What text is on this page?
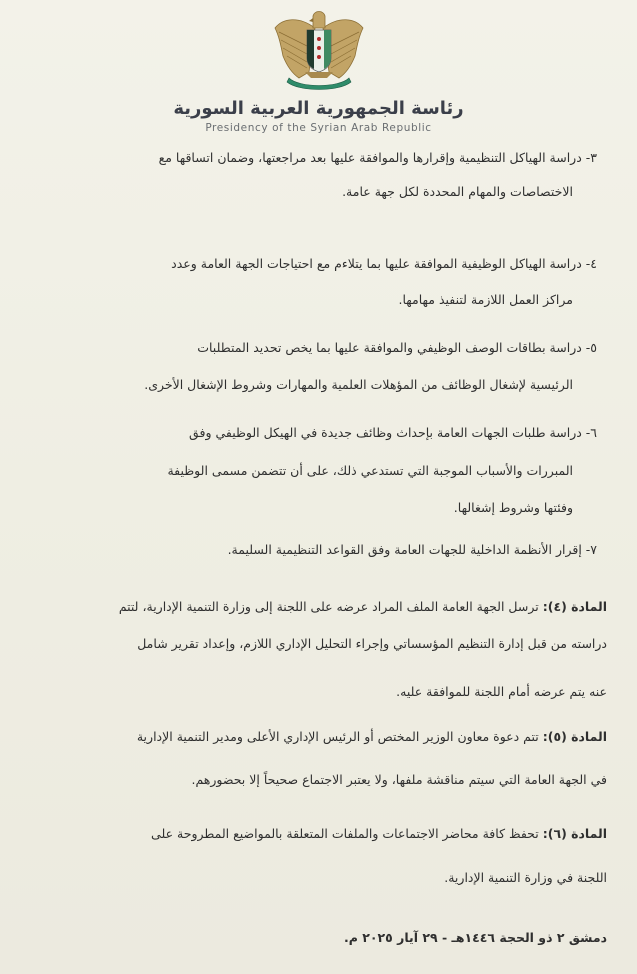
رئاسة الجمهورية العربية السورية
Presidency of the Syrian Arab Republic
٣- دراسة الهياكل التنظيمية وإقرارها والموافقة عليها بعد مراجعتها، وضمان اتساقها مع
الاختصاصات والمهام المحددة لكل جهة عامة.
٤- دراسة الهياكل الوظيفية الموافقة عليها بما يتلاءم مع احتياجات الجهة العامة وعدد
مراكز العمل اللازمة لتنفيذ مهامها.
٥- دراسة بطاقات الوصف الوظيفي والموافقة عليها بما يخص تحديد المتطلبات
الرئيسية لإشغال الوظائف من المؤهلات العلمية والمهارات وشروط الإشغال الأخرى.
٦- دراسة طلبات الجهات العامة بإحداث وظائف جديدة في الهيكل الوظيفي وفق
المبررات والأسباب الموجبة التي تستدعي ذلك، على أن تتضمن مسمى الوظيفة
وفئتها وشروط إشغالها.
٧- إقرار الأنظمة الداخلية للجهات العامة وفق القواعد التنظيمية السليمة.
المادة (٤): ترسل الجهة العامة الملف المراد عرضه على اللجنة إلى وزارة التنمية الإدارية، لتتم
دراسته من قبل إدارة التنظيم المؤسساتي وإجراء التحليل الإداري اللازم، وإعداد تقرير شامل
عنه يتم عرضه أمام اللجنة للموافقة عليه.
المادة (٥): تتم دعوة معاون الوزير المختص أو الرئيس الإداري الأعلى ومدير التنمية الإدارية
في الجهة العامة التي سيتم مناقشة ملفها، ولا يعتبر الاجتماع صحيحاً إلا بحضورهم.
المادة (٦): تحفظ كافة محاضر الاجتماعات والملفات المتعلقة بالمواضيع المطروحة على
اللجنة في وزارة التنمية الإدارية.
دمشق ٢ ذو الحجة ١٤٤٦هـ - ٢٩ آيار ٢٠٢٥ م.
